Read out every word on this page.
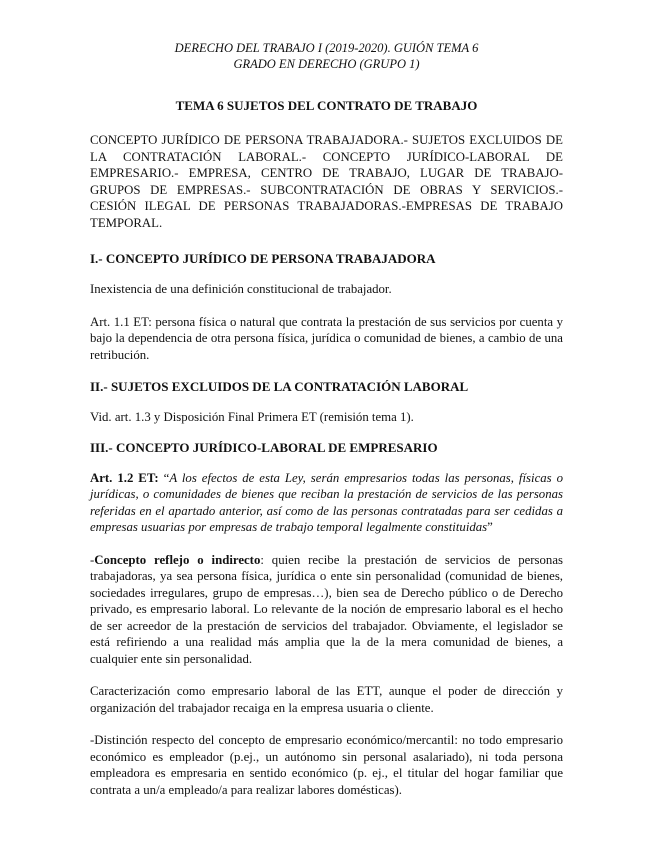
DERECHO DEL TRABAJO I (2019-2020). GUIÓN TEMA 6
GRADO EN DERECHO (GRUPO 1)
TEMA 6 SUJETOS DEL CONTRATO DE TRABAJO

CONCEPTO JURÍDICO DE PERSONA TRABAJADORA.- SUJETOS EXCLUIDOS DE LA CONTRATACIÓN LABORAL.- CONCEPTO JURÍDICO-LABORAL DE EMPRESARIO.- EMPRESA, CENTRO DE TRABAJO, LUGAR DE TRABAJO-GRUPOS DE EMPRESAS.- SUBCONTRATACIÓN DE OBRAS Y SERVICIOS.- CESIÓN ILEGAL DE PERSONAS TRABAJADORAS.-EMPRESAS DE TRABAJO TEMPORAL.

I.- CONCEPTO JURÍDICO DE PERSONA TRABAJADORA

Inexistencia de una definición constitucional de trabajador.

Art. 1.1 ET: persona física o natural que contrata la prestación de sus servicios por cuenta y bajo la dependencia de otra persona física, jurídica o comunidad de bienes, a cambio de una retribución.

II.- SUJETOS EXCLUIDOS DE LA CONTRATACIÓN LABORAL

Vid. art. 1.3 y Disposición Final Primera ET (remisión tema 1).

III.- CONCEPTO JURÍDICO-LABORAL DE EMPRESARIO

Art. 1.2 ET: “A los efectos de esta Ley, serán empresarios todas las personas, físicas o jurídicas, o comunidades de bienes que reciban la prestación de servicios de las personas referidas en el apartado anterior, así como de las personas contratadas para ser cedidas a empresas usuarias por empresas de trabajo temporal legalmente constituidas”

-Concepto reflejo o indirecto: quien recibe la prestación de servicios de personas trabajadoras, ya sea persona física, jurídica o ente sin personalidad (comunidad de bienes, sociedades irregulares, grupo de empresas…), bien sea de Derecho público o de Derecho privado, es empresario laboral. Lo relevante de la noción de empresario laboral es el hecho de ser acreedor de la prestación de servicios del trabajador. Obviamente, el legislador se está refiriendo a una realidad más amplia que la de la mera comunidad de bienes, a cualquier ente sin personalidad.

Caracterización como empresario laboral de las ETT, aunque el poder de dirección y organización del trabajador recaiga en la empresa usuaria o cliente.

-Distinción respecto del concepto de empresario económico/mercantil: no todo empresario económico es empleador (p.ej., un autónomo sin personal asalariado), ni toda persona empleadora es empresaria en sentido económico (p. ej., el titular del hogar familiar que contrata a un/a empleado/a para realizar labores domésticas).
